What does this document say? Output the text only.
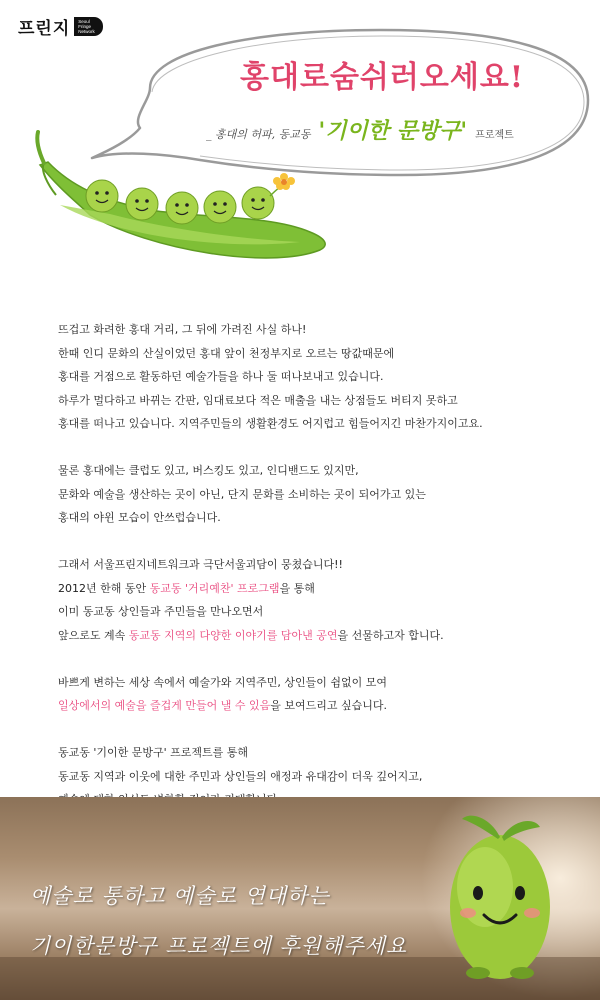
프린지 Seoul
Fringe
Network
홍대로숨쉬러오세요!
_ 홍대의 허파, 동교동 '기이한 문방구' 프로젝트
뜨겁고 화려한 홍대 거리, 그 뒤에 가려진 사실 하나!
한때 인디 문화의 산실이었던 홍대 앞이 천정부지로 오르는 땅값때문에
홍대를 거점으로 활동하던 예술가들을 하나 둘 떠나보내고 있습니다.
하루가 멀다하고 바뀌는 간판, 임대료보다 적은 매출을 내는 상점들도 버티지 못하고
홍대를 떠나고 있습니다. 지역주민들의 생활환경도 어지럽고 힘들어지긴 마찬가지이고요.
물론 홍대에는 클럽도 있고, 버스킹도 있고, 인디밴드도 있지만,
문화와 예술을 생산하는 곳이 아닌, 단지 문화를 소비하는 곳이 되어가고 있는
홍대의 야윈 모습이 안쓰럽습니다.
그래서 서울프린지네트워크과 극단서울괴담이 뭉쳤습니다!!
2012년 한해 동안 동교동 '거리예찬' 프로그램을 통해
이미 동교동 상인들과 주민들을 만나오면서
앞으로도 계속 동교동 지역의 다양한 이야기를 담아낸 공연을 선물하고자 합니다.
바쁘게 변하는 세상 속에서 예술가와 지역주민, 상인들이 쉼없이 모여
일상에서의 예술을 즐겁게 만들어 낼 수 있음을 보여드리고 싶습니다.
동교동 '기이한 문방구' 프로젝트를 통해
동교동 지역과 이웃에 대한 주민과 상인들의 애정과 유대감이 더욱 깊어지고,
예술로 통하고 예술로 연대하는
기이한문방구 프로젝트에 후원해주세요
